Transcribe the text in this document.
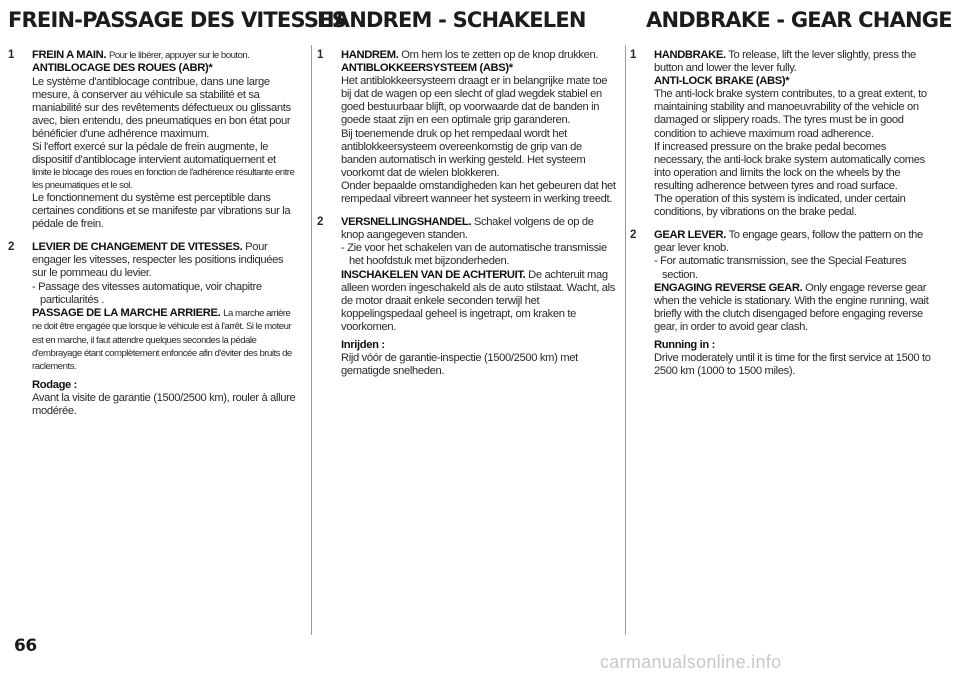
FREIN-PASSAGE DES VITESSES
1 FREIN A MAIN. Pour le libérer, appuyer sur le bouton.

ANTIBLOCAGE DES ROUES (ABR)*

Le système d'antiblocage contribue, dans une large mesure, à conserver au véhicule sa stabilité et sa maniabilité sur des revêtements défectueux ou glissants avec, bien entendu, des pneumatiques en bon état pour bénéficier d'une adhérence maximum.

Si l'effort exercé sur la pédale de frein augmente, le dispositif d'antiblocage intervient automatiquement et

limite le blocage des roues en fonction de l'adhérence résultante entre les pneumatiques et le sol.

Le fonctionnement du système est perceptible dans certaines conditions et se manifeste par vibrations sur la pédale de frein.

2 LEVIER DE CHANGEMENT DE VITESSES. Pour engager les vitesses, respecter les positions indiquées sur le pommeau du levier.

- Passage des vitesses automatique, voir chapitre particularités .

PASSAGE DE LA MARCHE ARRIERE. La marche arrière ne doit être engagée que lorsque le véhicule est à l'arrêt. Si le moteur est en marche, il faut attendre quelques secondes la pédale d'embrayage étant complètement enfoncée afin d'éviter des bruits de raclements.

Rodage :

Avant la visite de garantie (1500/2500 km), rouler à allure modérée.

HANDREM - SCHAKELEN
1 HANDREM. Om hem los te zetten op de knop drukken.

ANTIBLOKKEERSYSTEEM (ABS)*

Het antiblokkeersysteem draagt er in belangrijke mate toe bij dat de wagen op een slecht of glad wegdek stabiel en goed bestuurbaar blijft, op voorwaarde dat de banden in goede staat zijn en een optimale grip garanderen.

Bij toenemende druk op het rempedaal wordt het antiblokkeersysteem overeenkomstig de grip van de banden automatisch in werking gesteld. Het systeem voorkomt dat de wielen blokkeren.

Onder bepaalde omstandigheden kan het gebeuren dat het rempedaal vibreert wanneer het systeem in werking treedt.

2 VERSNELLINGSHANDEL. Schakel volgens de op de knop aangegeven standen.

- Zie voor het schakelen van de automatische transmissie het hoofdstuk met bijzonderheden.

INSCHAKELEN VAN DE ACHTERUIT. De achteruit mag alleen worden ingeschakeld als de auto stilstaat. Wacht, als de motor draait enkele seconden terwijl het koppelingspedaal geheel is ingetrapt, om kraken te voorkomen.

Inrijden :

Rijd vóór de garantie-inspectie (1500/2500 km) met gematigde snelheden.

ANDBRAKE - GEAR CHANGE
1 HANDBRAKE. To release, lift the lever slightly, press the button and lower the lever fully.

ANTI-LOCK BRAKE (ABS)*

The anti-lock brake system contributes, to a great extent, to maintaining stability and manoeuvrability of the vehicle on damaged or slippery roads. The tyres must be in good condition to achieve maximum road adherence.

If increased pressure on the brake pedal becomes necessary, the anti-lock brake system automatically comes into operation and limits the lock on the wheels by the resulting adherence between tyres and road surface.

The operation of this system is indicated, under certain conditions, by vibrations on the brake pedal.

2 GEAR LEVER. To engage gears, follow the pattern on the gear lever knob.

- For automatic transmission, see the Special Features section.

ENGAGING REVERSE GEAR. Only engage reverse gear when the vehicle is stationary. With the engine running, wait briefly with the clutch disengaged before engaging reverse gear, in order to avoid gear clash.

Running in :

Drive moderately until it is time for the first service at 1500 to 2500 km (1000 to 1500 miles).

66
carmanualsonline.info
